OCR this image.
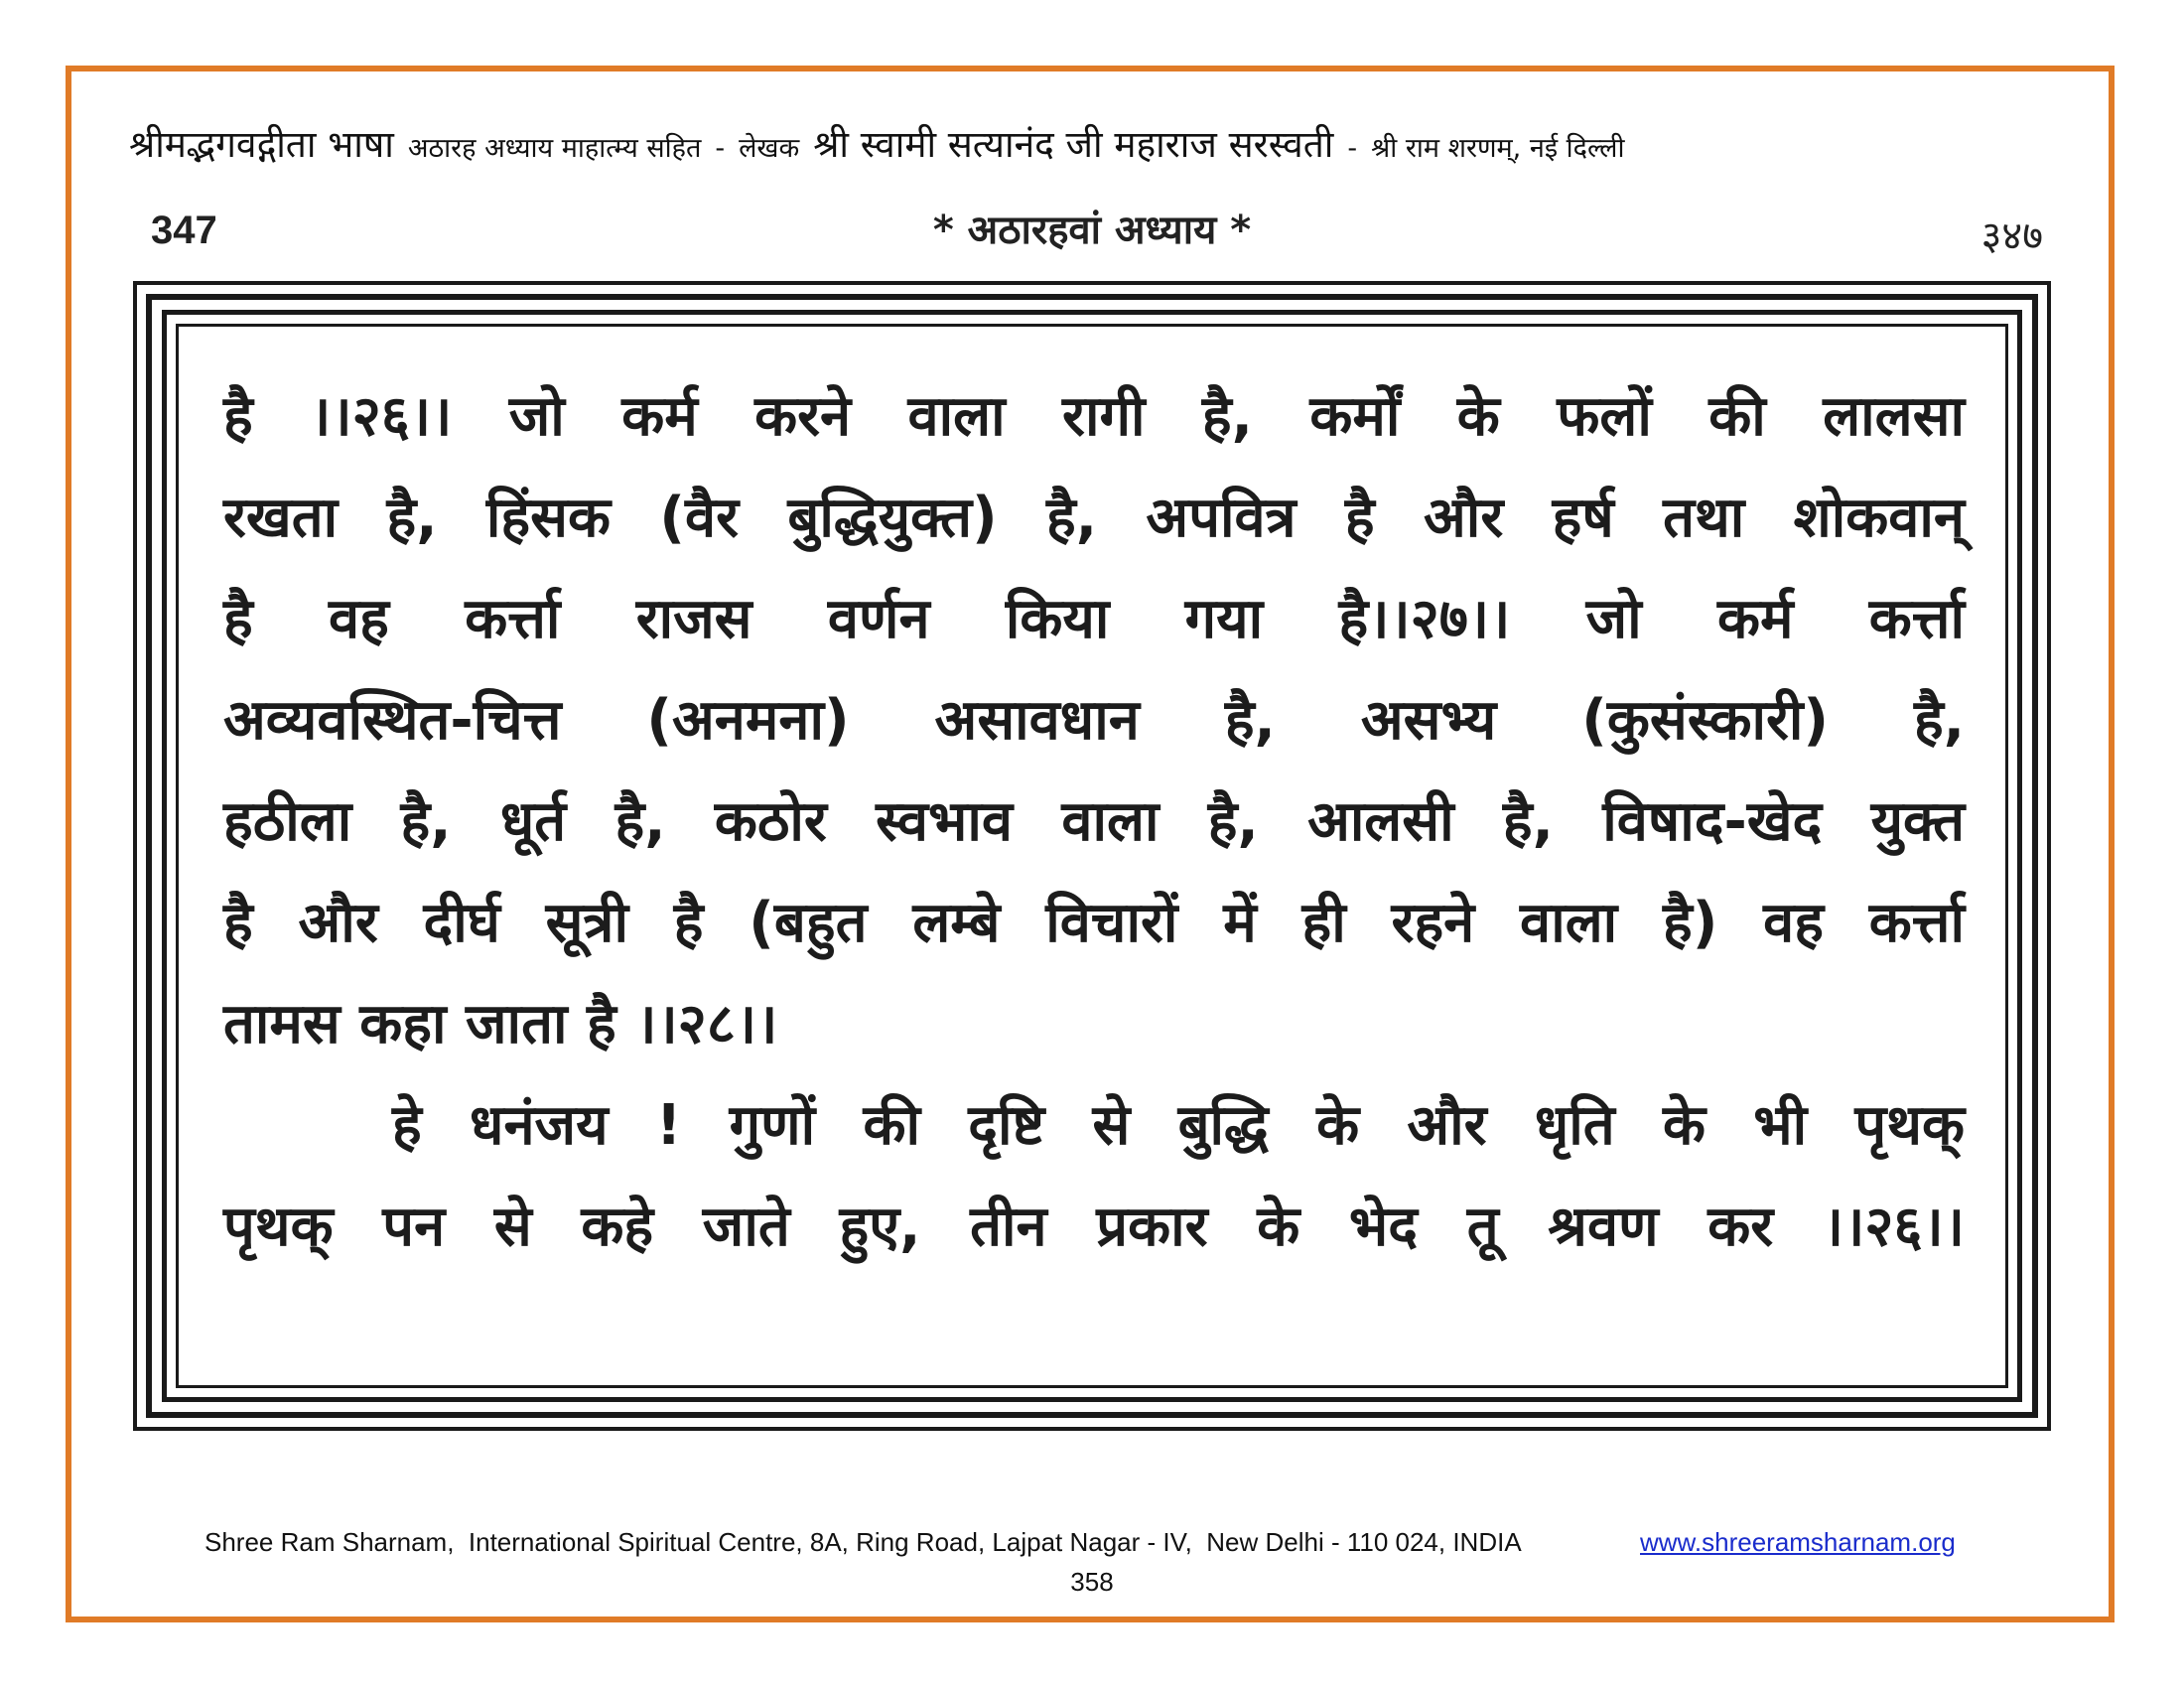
श्रीमद्भगवद्गीता भाषा अठारह अध्याय माहात्म्य सहित - लेखक श्री स्वामी सत्यानंद जी महाराज सरस्वती - श्री राम शरणम्, नई दिल्ली
347	* अठारहवां अध्याय *	३४७
है ।।२६।। जो कर्म करने वाला रागी है, कर्मों के फलों की लालसा
रखता है, हिंसक (वैर बुद्धियुक्त) है, अपवित्र है और हर्ष तथा शोकवान्
है वह कर्त्ता राजस वर्णन किया गया है।।२७।। जो कर्म कर्त्ता
अव्यवस्थित-चित्त (अनमना) असावधान है, असभ्य (कुसंस्कारी) है,
हठीला है, धूर्त है, कठोर स्वभाव वाला है, आलसी है, विषाद-खेद युक्त
है और दीर्घ सूत्री है (बहुत लम्बे विचारों में ही रहने वाला है) वह कर्त्ता
तामस कहा जाता है ।।२८।।
हे धनंजय ! गुणों की दृष्टि से बुद्धि के और धृति के भी पृथक्
पृथक् पन से कहे जाते हुए, तीन प्रकार के भेद तू श्रवण कर ।।२६।।
Shree Ram Sharnam,  International Spiritual Centre, 8A, Ring Road, Lajpat Nagar - IV,  New Delhi - 110 024, INDIA	www.shreeramsharnam.org
358
